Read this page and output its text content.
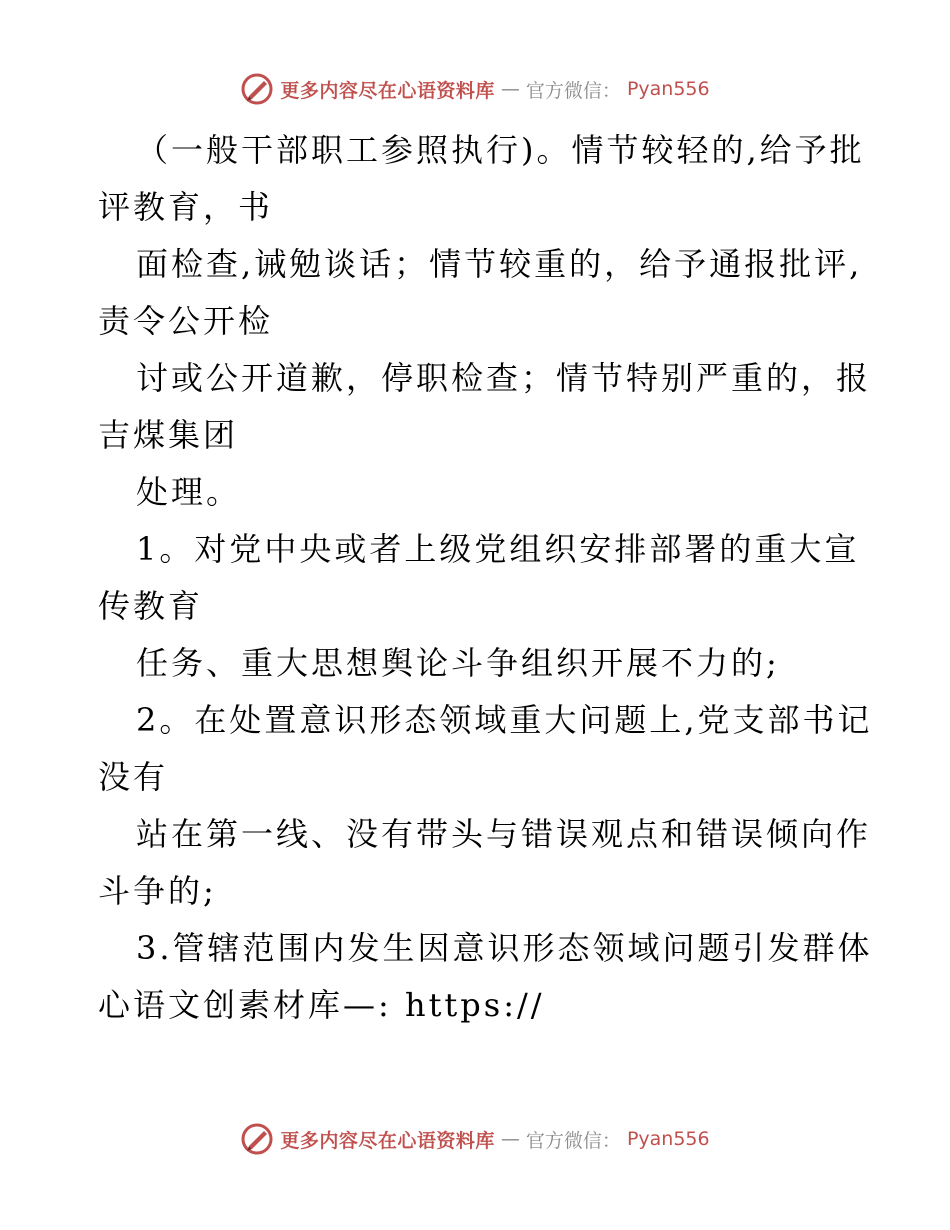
更多内容尽在心语资料库 — 官方微信： Pyan556
（一般干部职工参照执行)。情节较轻的,给予批
评教育，书
面检查,诫勉谈话；情节较重的，给予通报批评,
责令公开检
讨或公开道歉，停职检查；情节特别严重的，报
吉煤集团
处理。
1。对党中央或者上级党组织安排部署的重大宣
传教育
任务、重大思想舆论斗争组织开展不力的;
2。在处置意识形态领域重大问题上,党支部书记
没有
站在第一线、没有带头与错误观点和错误倾向作
斗争的;
3.管辖范围内发生因意识形态领域问题引发群体
心语文创素材库—: https://
更多内容尽在心语资料库 — 官方微信： Pyan556
